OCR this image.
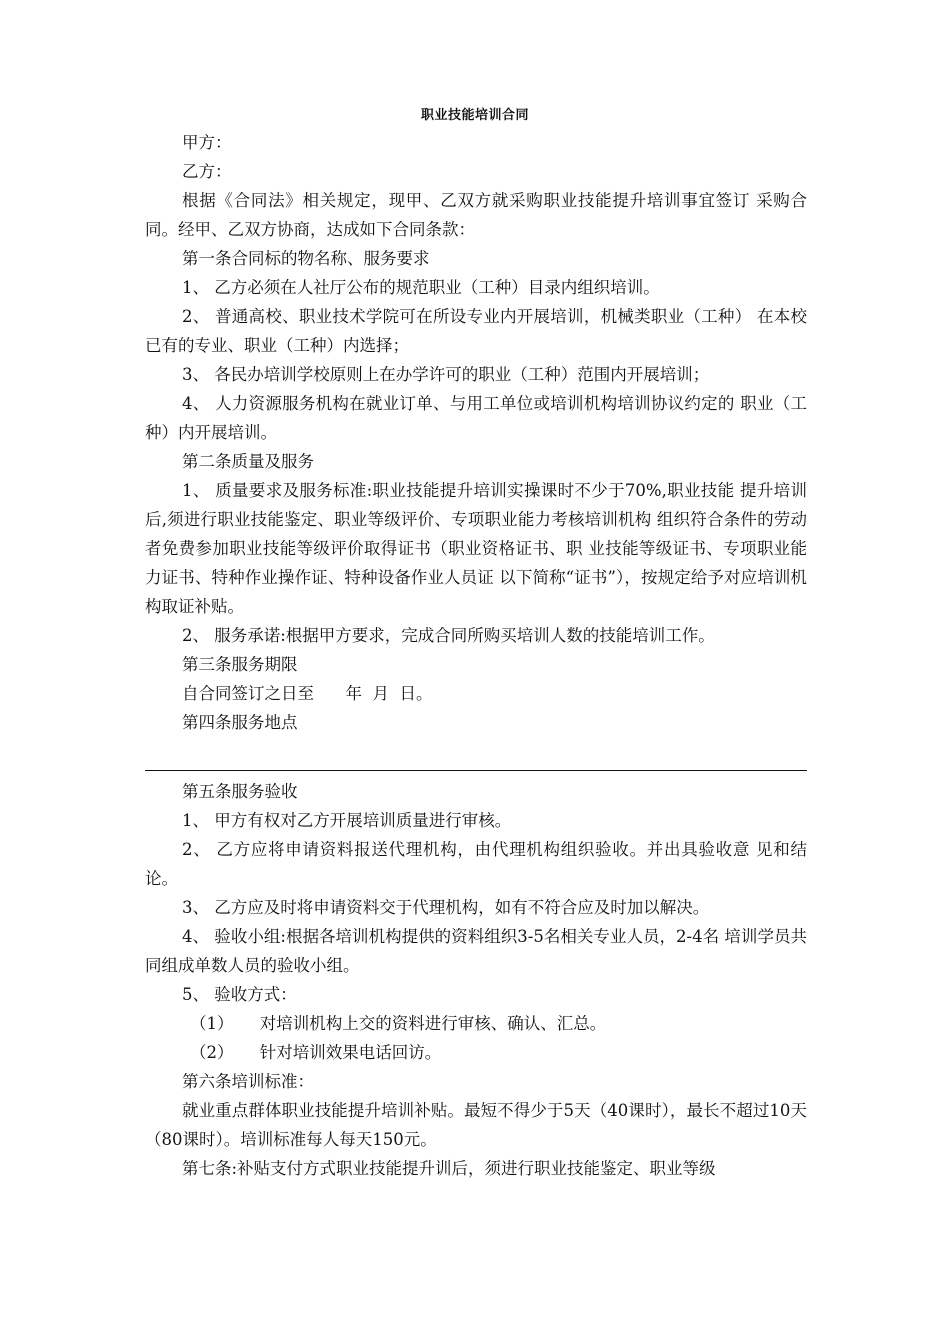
职业技能培训合同

甲方：

乙方：

根据《合同法》相关规定，现甲、乙双方就采购职业技能提升培训事宜签订 采购合同。经甲、乙双方协商，达成如下合同条款：

第一条合同标的物名称、服务要求

1、 乙方必须在人社厅公布的规范职业（工种）目录内组织培训。

2、 普通高校、职业技术学院可在所设专业内开展培训，机械类职业（工种） 在本校已有的专业、职业（工种）内选择；

3、 各民办培训学校原则上在办学许可的职业（工种）范围内开展培训；

4、 人力资源服务机构在就业订单、与用工单位或培训机构培训协议约定的 职业（工种）内开展培训。

第二条质量及服务

1、 质量要求及服务标准:职业技能提升培训实操课时不少于70%,职业技能 提升培训后,须进行职业技能鉴定、职业等级评价、专项职业能力考核培训机构 组织符合条件的劳动者免费参加职业技能等级评价取得证书（职业资格证书、职 业技能等级证书、专项职业能力证书、特种作业操作证、特种设备作业人员证 以下简称“证书”），按规定给予对应培训机构取证补贴。

2、 服务承诺:根据甲方要求，完成合同所购买培训人数的技能培训工作。

第三条服务期限

自合同签订之日至      年  月  日。

第四条服务地点

第五条服务验收

1、 甲方有权对乙方开展培训质量进行审核。

2、 乙方应将申请资料报送代理机构，由代理机构组织验收。并出具验收意 见和结论。

3、 乙方应及时将申请资料交于代理机构，如有不符合应及时加以解决。

4、 验收小组:根据各培训机构提供的资料组织3-5名相关专业人员，2-4名 培训学员共同组成单数人员的验收小组。

5、 验收方式：

（1）     对培训机构上交的资料进行审核、确认、汇总。

（2）     针对培训效果电话回访。

第六条培训标准：

就业重点群体职业技能提升培训补贴。最短不得少于5天（40课时），最长不超过10天（80课时）。培训标准每人每天150元。

第七条:补贴支付方式职业技能提升训后，须进行职业技能鉴定、职业等级
